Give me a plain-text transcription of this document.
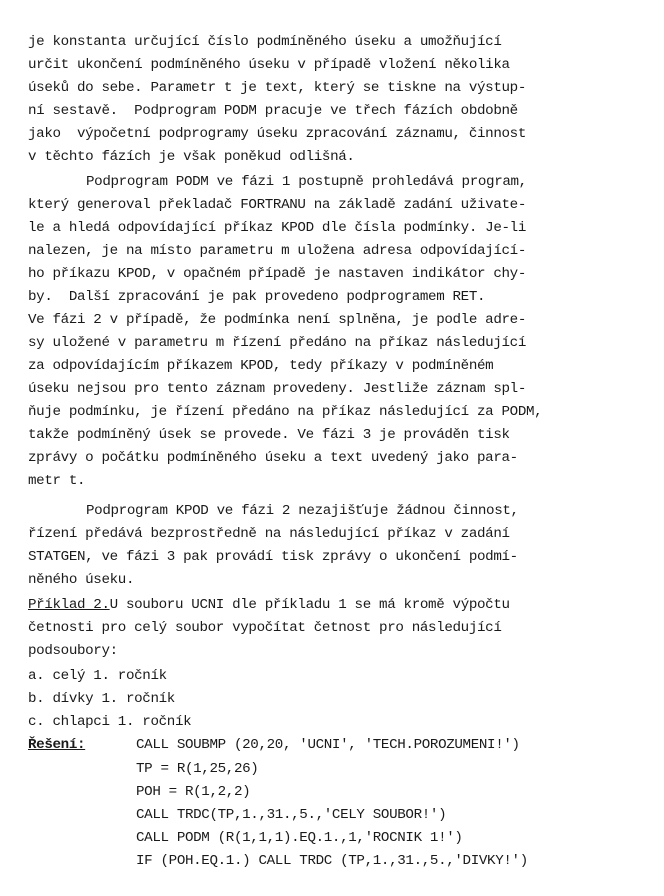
je konstanta určující číslo podmíněného úseku a umožňující
určit ukončení podmíněného úseku v případě vložení několika
úseků do sebe. Parametr t je text, který se tiskne na výstup-
ní sestavě.  Podprogram PODM pracuje ve třech fázích obdobně
jako  výpočetní podprogramy úseku zpracování záznamu, činnost
v těchto fázích je však poněkud odlišná.
Podprogram PODM ve fázi 1 postupně prohledává program,
který generoval překladač FORTRANU na základě zadání uživate-
le a hledá odpovídající příkaz KPOD dle čísla podmínky. Je-li
nalezen, je na místo parametru m uložena adresa odpovídající-
ho příkazu KPOD, v opačném případě je nastaven indikátor chy-
by.  Další zpracování je pak provedeno podprogramem RET.
Ve fázi 2 v případě, že podmínka není splněna, je podle adre-
sy uložené v parametru m řízení předáno na příkaz následující
za odpovídajícím příkazem KPOD, tedy příkazy v podmíněném
úseku nejsou pro tento záznam provedeny. Jestliže záznam spl-
ňuje podmínku, je řízení předáno na příkaz následující za PODM,
takže podmíněný úsek se provede. Ve fázi 3 je prováděn tisk
zprávy o počátku podmíněného úseku a text uvedený jako para-
metr t.
Podprogram KPOD ve fázi 2 nezajišťuje žádnou činnost,
řízení předává bezprostředně na následující příkaz v zadání
STATGEN, ve fázi 3 pak provádí tisk zprávy o ukončení podmí-
něného úseku.
Příklad 2.U souboru UCNI dle příkladu 1 se má kromě výpočtu
četnosti pro celý soubor vypočítat četnost pro následující
podsoubory:
a. celý 1. ročník
b. dívky 1. ročník
c. chlapci 1. ročník
Řešení:	CALL SOUBMP (20,20, 'UCNI', 'TECH.POROZUMENI!')
TP = R(1,25,26)
POH = R(1,2,2)
CALL TRDC(TP,1.,31.,5.,'CELY SOUBOR!')
CALL PODM (R(1,1,1).EQ.1.,1,'ROCNIK 1!')
IF (POH.EQ.1.) CALL TRDC (TP,1.,31.,5.,'DIVKY!')
